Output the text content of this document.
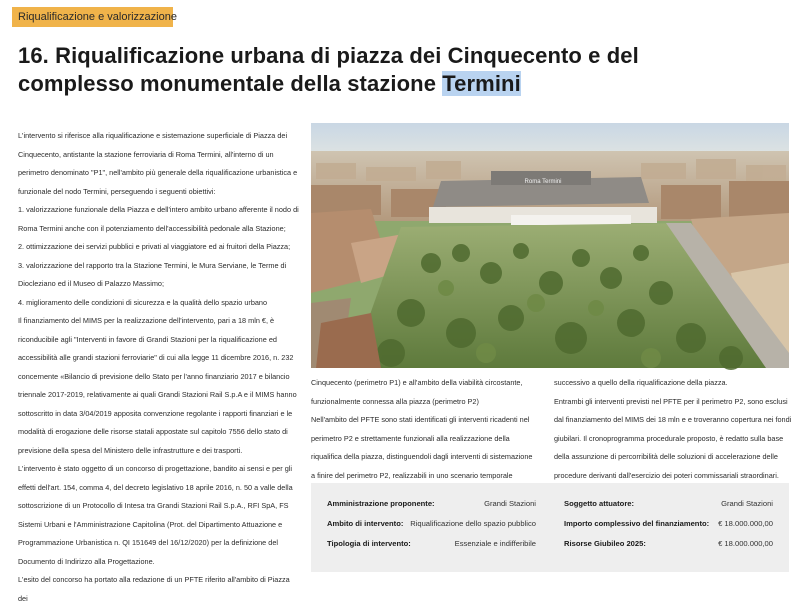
Riqualificazione e valorizzazione
16. Riqualificazione urbana di piazza dei Cinquecento e del complesso monumentale della stazione Termini

L'intervento si riferisce alla riqualificazione e sistemazione superficiale di Piazza dei Cinquecento, antistante la stazione ferroviaria di Roma Termini, all'interno di un perimetro denominato "P1", nell'ambito più generale della riqualificazione urbanistica e funzionale del nodo Termini, perseguendo i seguenti obiettivi:

1. valorizzazione funzionale della Piazza e dell'intero ambito urbano afferente il nodo di Roma Termini anche con il potenziamento dell'accessibilità pedonale alla Stazione;

2. ottimizzazione dei servizi pubblici e privati al viaggiatore ed ai fruitori della Piazza;

3. valorizzazione del rapporto tra la Stazione Termini, le Mura Serviane, le Terme di Diocleziano ed il Museo di Palazzo Massimo;

4. miglioramento delle condizioni di sicurezza e la qualità dello spazio urbano

Il finanziamento del MIMS per la realizzazione dell'intervento, pari a 18 mln €, è riconducibile agli "Interventi in favore di Grandi Stazioni per la riqualificazione ed accessibilità alle grandi stazioni ferroviarie" di cui alla legge 11 dicembre 2016, n. 232 concernente «Bilancio di previsione dello Stato per l'anno finanziario 2017 e bilancio triennale 2017-2019, relativamente ai quali Grandi Stazioni Rail S.p.A e il MIMS hanno sottoscritto in data 3/04/2019 apposita convenzione regolante i rapporti finanziari e le modalità di erogazione delle risorse statali appostate sul capitolo 7556 dello stato di previsione della spesa del Ministero delle infrastrutture e dei trasporti.

L'intervento è stato oggetto di un concorso di progettazione, bandito ai sensi e per gli effetti dell'art. 154, comma 4, del decreto legislativo 18 aprile 2016, n. 50 a valle della sottoscrizione di un Protocollo di Intesa tra Grandi Stazioni Rail S.p.A., RFI SpA, FS Sistemi Urbani e l'Amministrazione Capitolina (Prot. del Dipartimento Attuazione e Programmazione Urbanistica n. QI 151649 del 16/12/2020) per la definizione del Documento di Indirizzo alla Progettazione.

L'esito del concorso ha portato alla redazione di un PFTE riferito all'ambito di Piazza dei

Roma Termini

Cinquecento (perimetro P1) e all'ambito della viabilità circostante, funzionalmente connessa alla piazza (perimetro P2)

Nell'ambito del PFTE sono stati identificati gli interventi ricadenti nel perimetro P2 e strettamente funzionali alla realizzazione della riqualifica della piazza, distinguendoli dagli interventi di sistemazione a finire del perimetro P2, realizzabili in uno scenario temporale

successivo a quello della riqualificazione della piazza.

Entrambi gli interventi previsti nel PFTE per il perimetro P2, sono esclusi dal finanziamento del MIMS dei 18 mln e e troveranno copertura nei fondi giubilari. Il cronoprogramma procedurale proposto, è redatto sulla base della assunzione di percorribilità delle soluzioni di accelerazione delle procedure derivanti dall'esercizio dei poteri commissariali straordinari.

Amministrazione proponente:	Grandi Stazioni
Ambito di intervento: Riqualificazione dello spazio pubblico
Tipologia di intervento:	Essenziale e indifferibile
Soggetto attuatore:	Grandi Stazioni
Importo complessivo del finanziamento: € 18.000.000,00
Risorse Giubileo 2025:	€ 18.000.000,00
